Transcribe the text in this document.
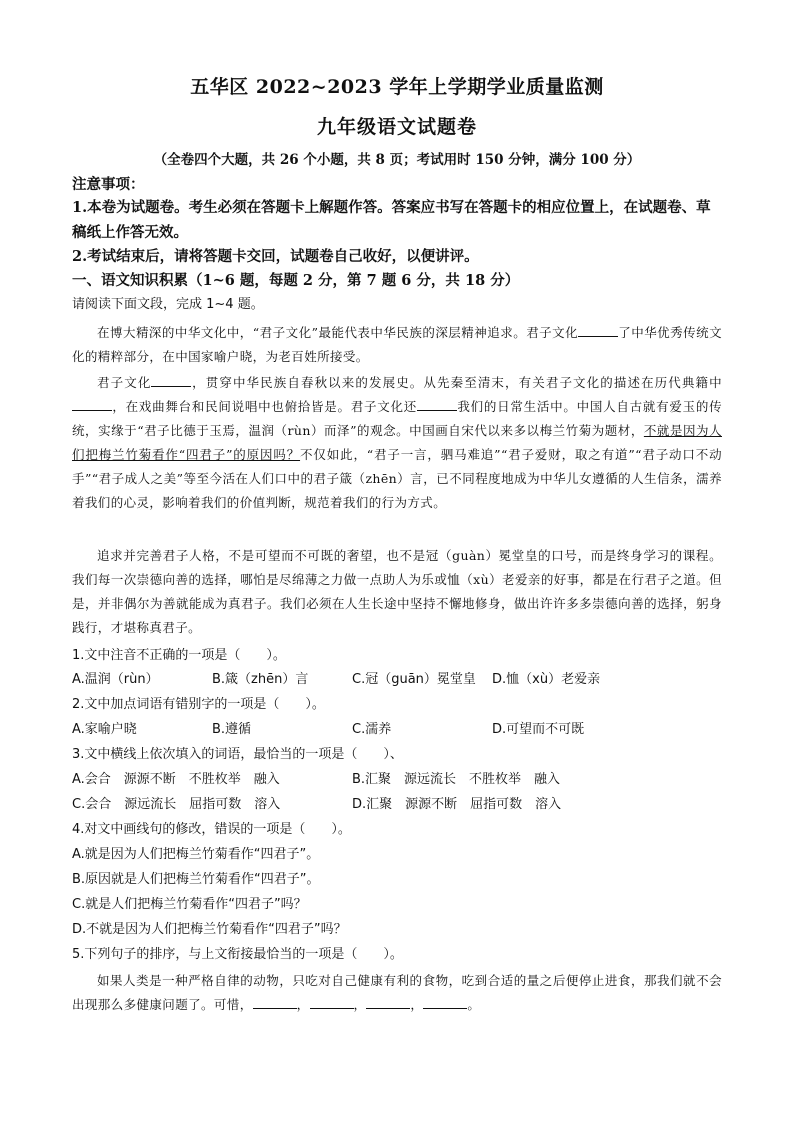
五华区 2022~2023 学年上学期学业质量监测
九年级语文试题卷
（全卷四个大题，共 26 个小题，共 8 页；考试用时 150 分钟，满分 100 分）
注意事项：
1.本卷为试题卷。考生必须在答题卡上解题作答。答案应书写在答题卡的相应位置上，在试题卷、草稿纸上作答无效。
2.考试结束后，请将答题卡交回，试题卷自己收好，以便讲评。
一、语文知识积累（1~6 题，每题 2 分，第 7 题 6 分，共 18 分）
请阅读下面文段，完成 1~4 题。
在博大精深的中华文化中，“君子文化”最能代表中华民族的深层精神追求。君子文化	了中华优秀传统文化的精粹部分，在中国家喻户晓，为老百姓所接受。
君子文化	，贯穿中华民族自春秋以来的发展史。从先秦至清末，有关君子文化的描述在历代典籍中，在戏曲舞台和民间说唱中也俯拾皆是。君子文化还	我们的日常生活中。中国人自古就有爱玉的传统，实缘于“君子比德于玉焉，温润（rùn）而泽”的观念。中国画自宋代以来多以梅兰竹菊为题材，不就是因为人们把梅兰竹菊看作“四君子”的原因吗？不仅如此，“君子一言，驷马难追”“君子爱财，取之有道”“君子动口不动手”“君子成人之美”等至今活在人们口中的君子箴（zhēn）言，已不同程度地成为中华儿女遵循的人生信条，濡养着我们的心灵，影响着我们的价值判断，规范着我们的行为方式。
追求并完善君子人格，不是可望而不可既的奢望，也不是冠（guàn）冕堂皇的口号，而是终身学习的课程。我们每一次崇德向善的选择，哪怕是尽绵薄之力做一点助人为乐或恤（xù）老爱亲的好事，都是在行君子之道。但是，并非偶尔为善就能成为真君子。我们必须在人生长途中坚持不懈地修身，做出许许多多崇德向善的选择，躬身践行，才堪称真君子。
1.文中注音不正确的一项是（　　）。
A.温润（rùn）	B.箴（zhēn）言	C.冠（guān）冕堂皇 D.恤（xù）老爱亲
2.文中加点词语有错别字的一项是（　　）。
A.家喻户晓	B.遵循	C.濡养	D.可望而不可既
3.文中横线上依次填入的词语，最恰当的一项是（　　）、
A.会合　源源不断　不胜枚举　融入	B.汇聚　源远流长　不胜枚举　融入
C.会合　源远流长　屈指可数　溶入	D.汇聚　源源不断　屈指可数　溶入
4.对文中画线句的修改，错误的一项是（　　）。
A.就是因为人们把梅兰竹菊看作“四君子”。
B.原因就是人们把梅兰竹菊看作“四君子”。
C.就是人们把梅兰竹菊看作“四君子”吗？
D.不就是因为人们把梅兰竹菊看作“四君子”吗？
5.下列句子的排序，与上文衔接最恰当的一项是（　　）。
如果人类是一种严格自律的动物，只吃对自己健康有利的食物，吃到合适的量之后便停止进食，那我们就不会出现那么多健康问题了。可惜，	，	，	，	。
